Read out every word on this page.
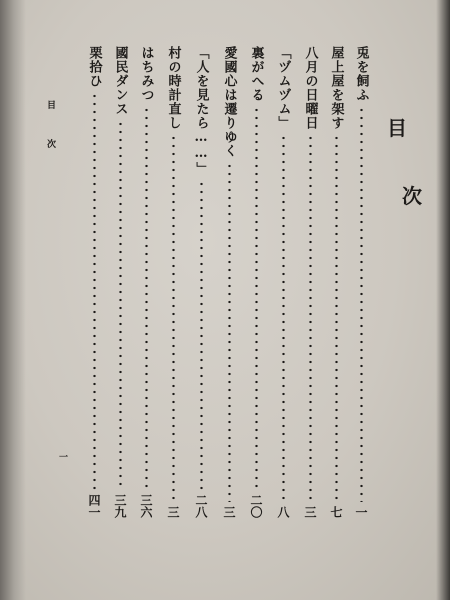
目
次
兎を飼ふ
一
屋上屋を架す
七
八月の日曜日
三
「ヅムヅム」
八
裏がへる
二〇
愛國心は遷りゆく
三
「人を見たら……」
二八
村の時計直し
三
はちみつ
三六
國民ダンス
三九
栗拾ひ
四一
目次
一
